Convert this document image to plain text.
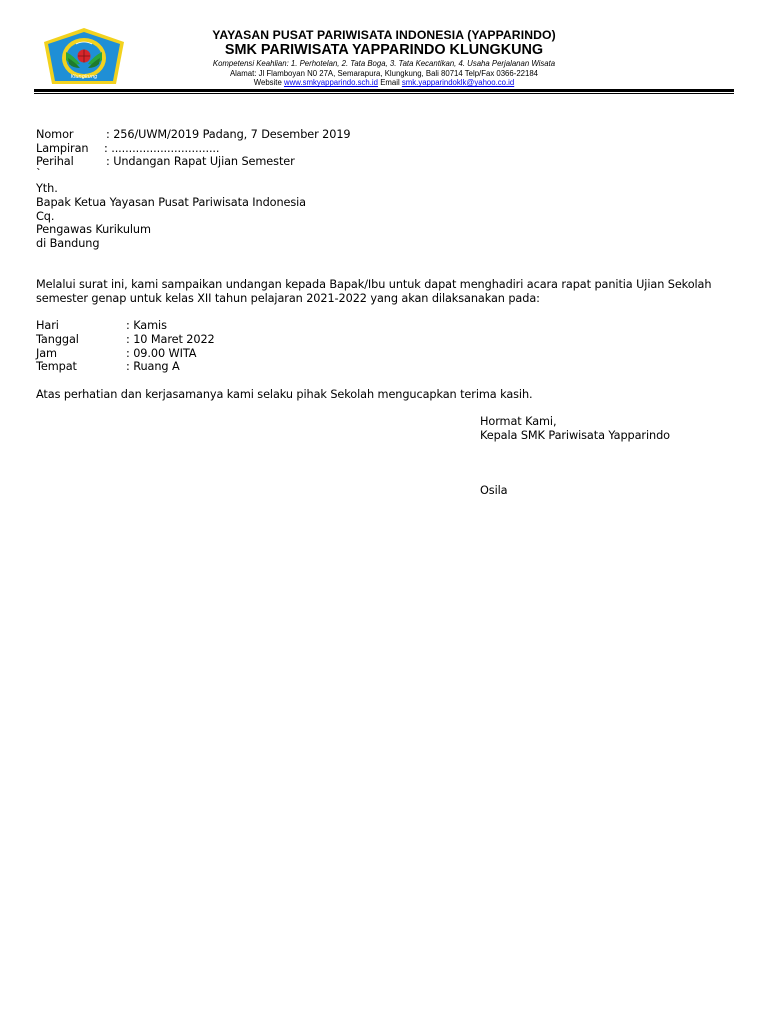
Klungkung
YAYASAN PUSAT PARIWISATA INDONESIA (YAPPARINDO)
SMK PARIWISATA YAPPARINDO KLUNGKUNG
Kompetensi Keahlian: 1. Perhotelan, 2. Tata Boga, 3. Tata Kecantikan, 4. Usaha Perjalanan Wisata
Alamat: Jl Flamboyan N0 27A, Semarapura, Klungkung, Bali 80714 Telp/Fax 0366-22184
Website www.smkyapparindo.sch.id Email smk.yapparindoklk@yahoo.co.id
Nomor	: 256/UWM/2019 Padang, 7 Desember 2019
Lampiran : ...............................
Perihal	: Undangan Rapat Ujian Semester
`
Yth.
Bapak Ketua Yayasan Pusat Pariwisata Indonesia
Cq.
Pengawas Kurikulum
di Bandung
Melalui surat ini, kami sampaikan undangan kepada Bapak/Ibu untuk dapat menghadiri acara rapat panitia Ujian Sekolah
semester genap untuk kelas XII tahun pelajaran 2021-2022 yang akan dilaksanakan pada:
Hari	: Kamis
Tanggal	: 10 Maret 2022
Jam	: 09.00 WITA
Tempat	: Ruang A
Atas perhatian dan kerjasamanya kami selaku pihak Sekolah mengucapkan terima kasih.
Hormat Kami,
Kepala SMK Pariwisata Yapparindo
Osila
